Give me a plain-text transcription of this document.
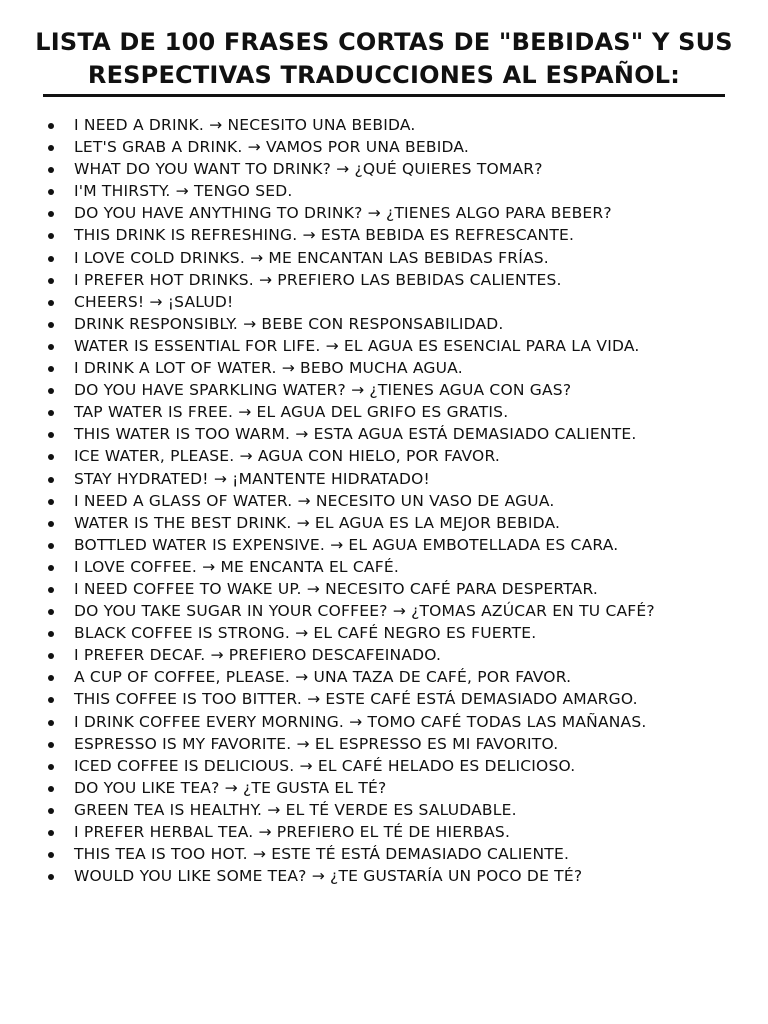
LISTA DE 100 FRASES CORTAS DE "BEBIDAS" Y SUS
RESPECTIVAS TRADUCCIONES AL ESPAÑOL:
I NEED A DRINK. → NECESITO UNA BEBIDA.
LET'S GRAB A DRINK. → VAMOS POR UNA BEBIDA.
WHAT DO YOU WANT TO DRINK? → ¿QUÉ QUIERES TOMAR?
I'M THIRSTY. → TENGO SED.
DO YOU HAVE ANYTHING TO DRINK? → ¿TIENES ALGO PARA BEBER?
THIS DRINK IS REFRESHING. → ESTA BEBIDA ES REFRESCANTE.
I LOVE COLD DRINKS. → ME ENCANTAN LAS BEBIDAS FRÍAS.
I PREFER HOT DRINKS. → PREFIERO LAS BEBIDAS CALIENTES.
CHEERS! → ¡SALUD!
DRINK RESPONSIBLY. → BEBE CON RESPONSABILIDAD.
WATER IS ESSENTIAL FOR LIFE. → EL AGUA ES ESENCIAL PARA LA VIDA.
I DRINK A LOT OF WATER. → BEBO MUCHA AGUA.
DO YOU HAVE SPARKLING WATER? → ¿TIENES AGUA CON GAS?
TAP WATER IS FREE. → EL AGUA DEL GRIFO ES GRATIS.
THIS WATER IS TOO WARM. → ESTA AGUA ESTÁ DEMASIADO CALIENTE.
ICE WATER, PLEASE. → AGUA CON HIELO, POR FAVOR.
STAY HYDRATED! → ¡MANTENTE HIDRATADO!
I NEED A GLASS OF WATER. → NECESITO UN VASO DE AGUA.
WATER IS THE BEST DRINK. → EL AGUA ES LA MEJOR BEBIDA.
BOTTLED WATER IS EXPENSIVE. → EL AGUA EMBOTELLADA ES CARA.
I LOVE COFFEE. → ME ENCANTA EL CAFÉ.
I NEED COFFEE TO WAKE UP. → NECESITO CAFÉ PARA DESPERTAR.
DO YOU TAKE SUGAR IN YOUR COFFEE? → ¿TOMAS AZÚCAR EN TU CAFÉ?
BLACK COFFEE IS STRONG. → EL CAFÉ NEGRO ES FUERTE.
I PREFER DECAF. → PREFIERO DESCAFEINADO.
A CUP OF COFFEE, PLEASE. → UNA TAZA DE CAFÉ, POR FAVOR.
THIS COFFEE IS TOO BITTER. → ESTE CAFÉ ESTÁ DEMASIADO AMARGO.
I DRINK COFFEE EVERY MORNING. → TOMO CAFÉ TODAS LAS MAÑANAS.
ESPRESSO IS MY FAVORITE. → EL ESPRESSO ES MI FAVORITO.
ICED COFFEE IS DELICIOUS. → EL CAFÉ HELADO ES DELICIOSO.
DO YOU LIKE TEA? → ¿TE GUSTA EL TÉ?
GREEN TEA IS HEALTHY. → EL TÉ VERDE ES SALUDABLE.
I PREFER HERBAL TEA. → PREFIERO EL TÉ DE HIERBAS.
THIS TEA IS TOO HOT. → ESTE TÉ ESTÁ DEMASIADO CALIENTE.
WOULD YOU LIKE SOME TEA? → ¿TE GUSTARÍA UN POCO DE TÉ?
